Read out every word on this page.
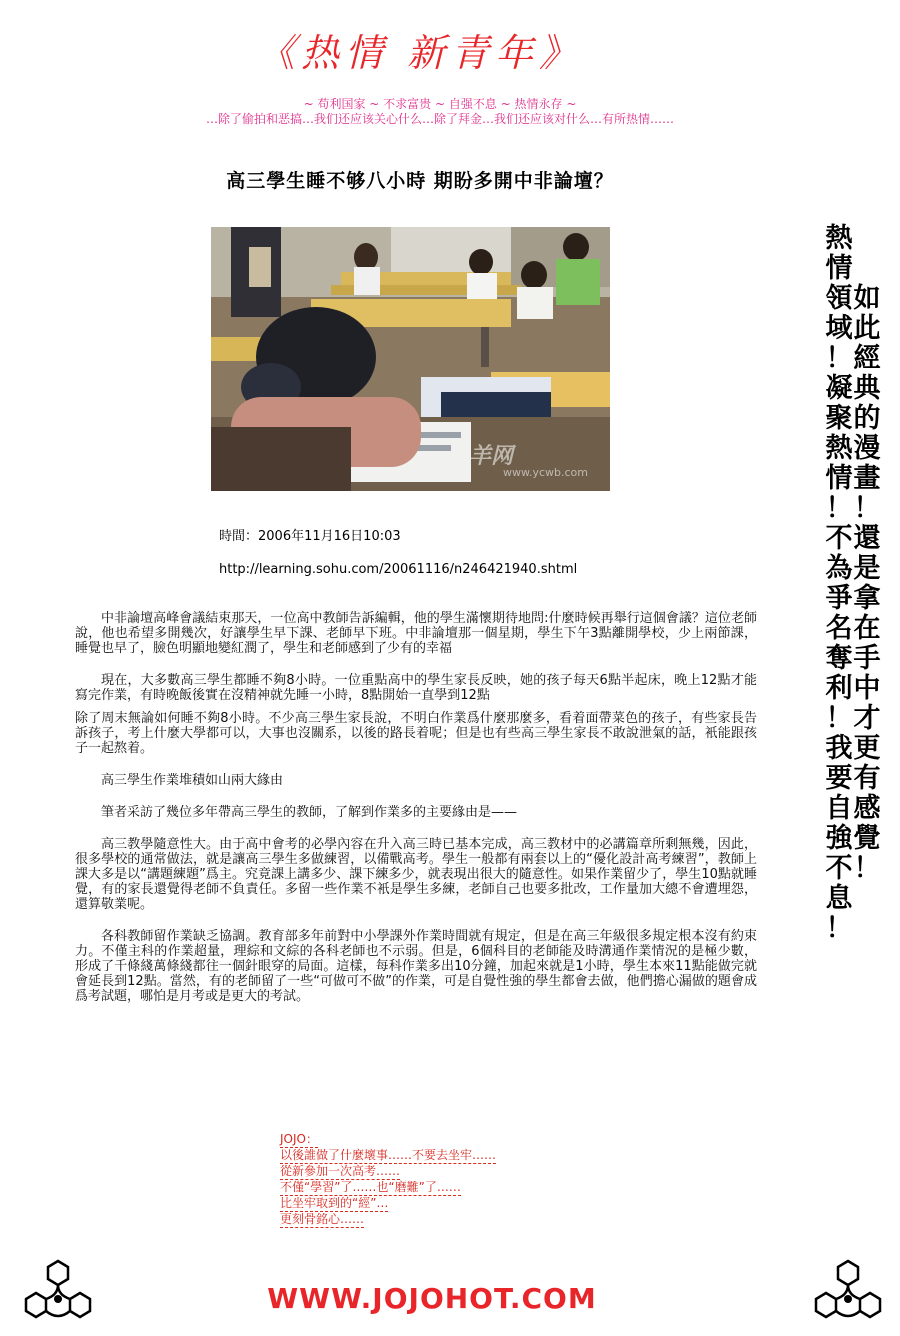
《热情 新青年》
~ 苟利国家 ~ 不求富贵 ~ 自强不息 ~ 热情永存 ~
…除了偷拍和恶搞…我们还应该关心什么…除了拜金…我们还应该对什么…有所热情……
高三學生睡不够八小時 期盼多開中非論壇？
羊网
www.ycwb.com
時間：2006年11月16日10:03
http://learning.sohu.com/20061116/n246421940.shtml

中非論壇高峰會議結束那天，一位高中教師告訴編輯，他的學生滿懷期待地問:什麼時候再舉行這個會議？這位老師說，他也希望多開幾次，好讓學生早下課、老師早下班。中非論壇那一個星期，學生下午3點離開學校，少上兩節課，睡覺也早了，臉色明顯地變紅潤了，學生和老師感到了少有的幸福

現在，大多數高三學生都睡不夠8小時。一位重點高中的學生家長反映，她的孩子每天6點半起床，晚上12點才能寫完作業，有時晚飯後實在沒精神就先睡一小時，8點開始一直學到12點

除了周末無論如何睡不夠8小時。不少高三學生家長說，不明白作業爲什麼那麼多，看着面帶菜色的孩子，有些家長告訴孩子，考上什麼大學都可以，大事也沒關系，以後的路長着呢；但是也有些高三學生家長不敢說泄氣的話，衹能跟孩子一起熬着。

高三學生作業堆積如山兩大緣由

筆者采訪了幾位多年帶高三學生的教師，了解到作業多的主要緣由是——

高三教學隨意性大。由于高中會考的必學內容在升入高三時已基本完成，高三教材中的必講篇章所剩無幾，因此，很多學校的通常做法，就是讓高三學生多做練習，以備戰高考。學生一般都有兩套以上的“優化設計高考練習”，教師上課大多是以“講題練題”爲主。究竟課上講多少、課下練多少，就表現出很大的隨意性。如果作業留少了，學生10點就睡覺，有的家長還覺得老師不負責任。多留一些作業不衹是學生多練，老師自己也要多批改，工作量加大總不會遭埋怨，還算敬業呢。

各科教師留作業缺乏協調。教育部多年前對中小學課外作業時間就有規定，但是在高三年級很多規定根本沒有約束力。不僅主科的作業超量，理綜和文綜的各科老師也不示弱。但是，6個科目的老師能及時溝通作業情況的是極少數，形成了千條綫萬條綫都往一個針眼穿的局面。這樣，每科作業多出10分鐘，加起來就是1小時，學生本來11點能做完就會延長到12點。當然，有的老師留了一些“可做可不做”的作業，可是自覺性強的學生都會去做，他們擔心漏做的題會成爲考試題，哪怕是月考或是更大的考試。

熱
情
領
域
！
凝
聚
熱
情
！
不
為
爭
名
奪
利
！
我
要
自
強
不
息
！
如
此
經
典
的
漫
畫
！
還
是
拿
在
手
中
才
更
有
感
覺
！
JOJO：
以後誰做了什麼壞事……不要去坐牢……
從新參加一次高考……
不僅“學習”了……也“磨難”了……
比坐牢取到的“經”…
更刻骨銘心……
WWW.JOJOHOT.COM
